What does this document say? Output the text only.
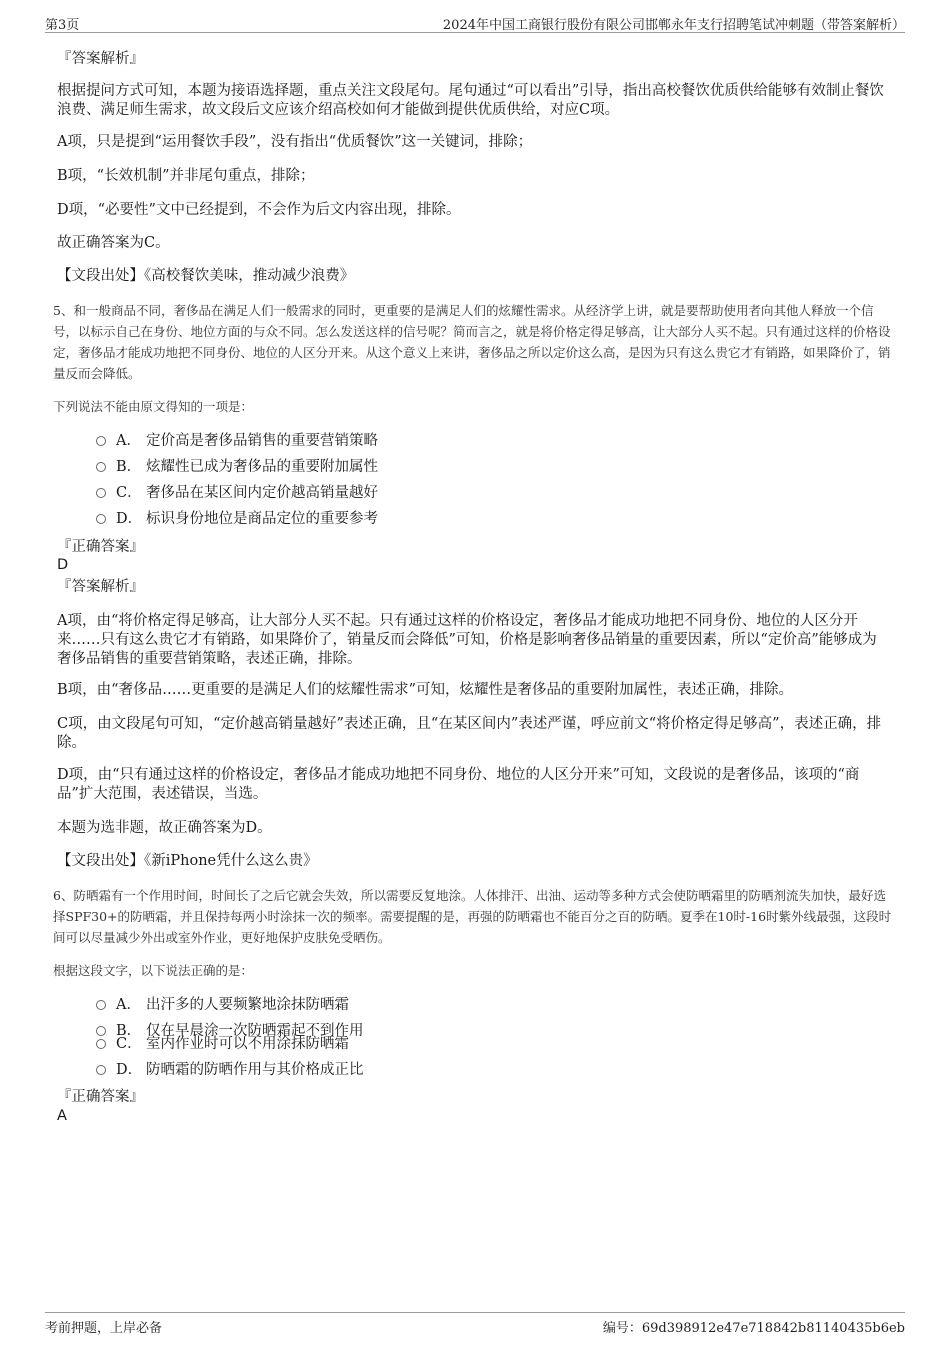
第3页	2024年中国工商银行股份有限公司邯郸永年支行招聘笔试冲刺题（带答案解析）
『答案解析』
根据提问方式可知，本题为接语选择题，重点关注文段尾句。尾句通过“可以看出”引导，指出高校餐饮优质供给能够有效制止餐饮浪费、满足师生需求，故文段后文应该介绍高校如何才能做到提供优质供给，对应C项。
A项，只是提到“运用餐饮手段”，没有指出“优质餐饮”这一关键词，排除；
B项，“长效机制”并非尾句重点，排除；
D项，“必要性”文中已经提到，不会作为后文内容出现，排除。
故正确答案为C。
【文段出处】《高校餐饮美味，推动减少浪费》
5、和一般商品不同，奢侈品在满足人们一般需求的同时，更重要的是满足人们的炫耀性需求。从经济学上讲，就是要帮助使用者向其他人释放一个信号，以标示自己在身份、地位方面的与众不同。怎么发送这样的信号呢？简而言之，就是将价格定得足够高，让大部分人买不起。只有通过这样的价格设定，奢侈品才能成功地把不同身份、地位的人区分开来。从这个意义上来讲，奢侈品之所以定价这么高，是因为只有这么贵它才有销路，如果降价了，销量反而会降低。
下列说法不能由原文得知的一项是：
A． 定价高是奢侈品销售的重要营销策略
B． 炫耀性已成为奢侈品的重要附加属性
C． 奢侈品在某区间内定价越高销量越好
D． 标识身份地位是商品定位的重要参考
『正确答案』
D
『答案解析』
A项，由“将价格定得足够高，让大部分人买不起。只有通过这样的价格设定，奢侈品才能成功地把不同身份、地位的人区分开来……只有这么贵它才有销路，如果降价了，销量反而会降低”可知，价格是影响奢侈品销量的重要因素，所以“定价高”能够成为奢侈品销售的重要营销策略，表述正确，排除。
B项，由“奢侈品……更重要的是满足人们的炫耀性需求”可知，炫耀性是奢侈品的重要附加属性，表述正确，排除。
C项，由文段尾句可知，“定价越高销量越好”表述正确，且“在某区间内”表述严谨，呼应前文“将价格定得足够高”，表述正确，排除。
D项，由“只有通过这样的价格设定，奢侈品才能成功地把不同身份、地位的人区分开来”可知，文段说的是奢侈品，该项的“商品”扩大范围，表述错误，当选。
本题为选非题，故正确答案为D。
【文段出处】《新iPhone凭什么这么贵》
6、防晒霜有一个作用时间，时间长了之后它就会失效，所以需要反复地涂。人体排汗、出油、运动等多种方式会使防晒霜里的防晒剂流失加快，最好选择SPF30+的防晒霜，并且保持每两小时涂抹一次的频率。需要提醒的是，再强的防晒霜也不能百分之百的防晒。夏季在10时-16时紫外线最强，这段时间可以尽量减少外出或室外作业，更好地保护皮肤免受晒伤。
根据这段文字，以下说法正确的是：
A． 出汗多的人要频繁地涂抹防晒霜
B． 仅在早晨涂一次防晒霜起不到作用
C． 室内作业时可以不用涂抹防晒霜
D． 防晒霜的防晒作用与其价格成正比
『正确答案』
A
考前押题，上岸必备	编号：69d398912e47e718842b81140435b6eb
